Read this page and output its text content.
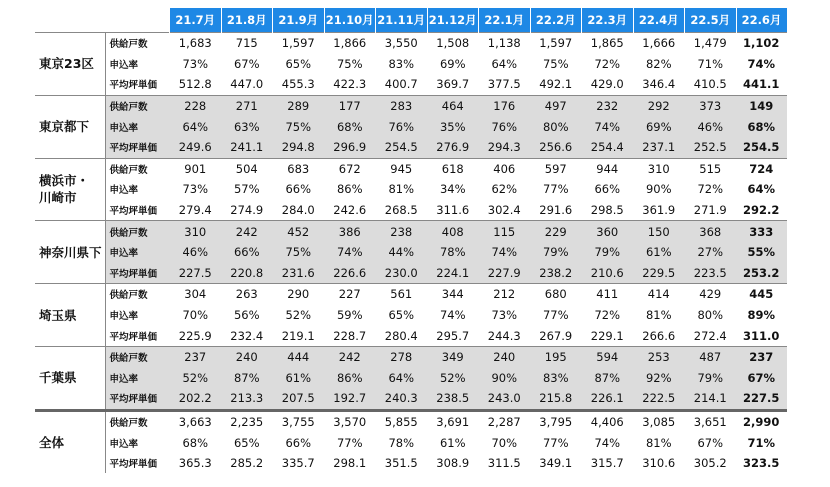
		21.7月	21.8月	21.9月	21.10月	21.11月	21.12月	22.1月	22.2月	22.3月	22.4月	22.5月	22.6月
東京23区	供給戸数	1,683	715	1,597	1,866	3,550	1,508	1,138	1,597	1,865	1,666	1,479	1,102
	申込率	73%	67%	65%	75%	83%	69%	64%	75%	72%	82%	71%	74%
	平均坪単価	512.8	447.0	455.3	422.3	400.7	369.7	377.5	492.1	429.0	346.4	410.5	441.1
東京都下	供給戸数	228	271	289	177	283	464	176	497	232	292	373	149
	申込率	64%	63%	75%	68%	76%	35%	76%	80%	74%	69%	46%	68%
	平均坪単価	249.6	241.1	294.8	296.9	254.5	276.9	294.3	256.6	254.4	237.1	252.5	254.5
横浜市・
川崎市	供給戸数	901	504	683	672	945	618	406	597	944	310	515	724
	申込率	73%	57%	66%	86%	81%	34%	62%	77%	66%	90%	72%	64%
	平均坪単価	279.4	274.9	284.0	242.6	268.5	311.6	302.4	291.6	298.5	361.9	271.9	292.2
神奈川県下	供給戸数	310	242	452	386	238	408	115	229	360	150	368	333
	申込率	46%	66%	75%	74%	44%	78%	74%	79%	79%	61%	27%	55%
	平均坪単価	227.5	220.8	231.6	226.6	230.0	224.1	227.9	238.2	210.6	229.5	223.5	253.2
埼玉県	供給戸数	304	263	290	227	561	344	212	680	411	414	429	445
	申込率	70%	56%	52%	59%	65%	74%	73%	77%	72%	81%	80%	89%
	平均坪単価	225.9	232.4	219.1	228.7	280.4	295.7	244.3	267.9	229.1	266.6	272.4	311.0
千葉県	供給戸数	237	240	444	242	278	349	240	195	594	253	487	237
	申込率	52%	87%	61%	86%	64%	52%	90%	83%	87%	92%	79%	67%
	平均坪単価	202.2	213.3	207.5	192.7	240.3	238.5	243.0	215.8	226.1	222.5	214.1	227.5
全体	供給戸数	3,663	2,235	3,755	3,570	5,855	3,691	2,287	3,795	4,406	3,085	3,651	2,990
	申込率	68%	65%	66%	77%	78%	61%	70%	77%	74%	81%	67%	71%
	平均坪単価	365.3	285.2	335.7	298.1	351.5	308.9	311.5	349.1	315.7	310.6	305.2	323.5
